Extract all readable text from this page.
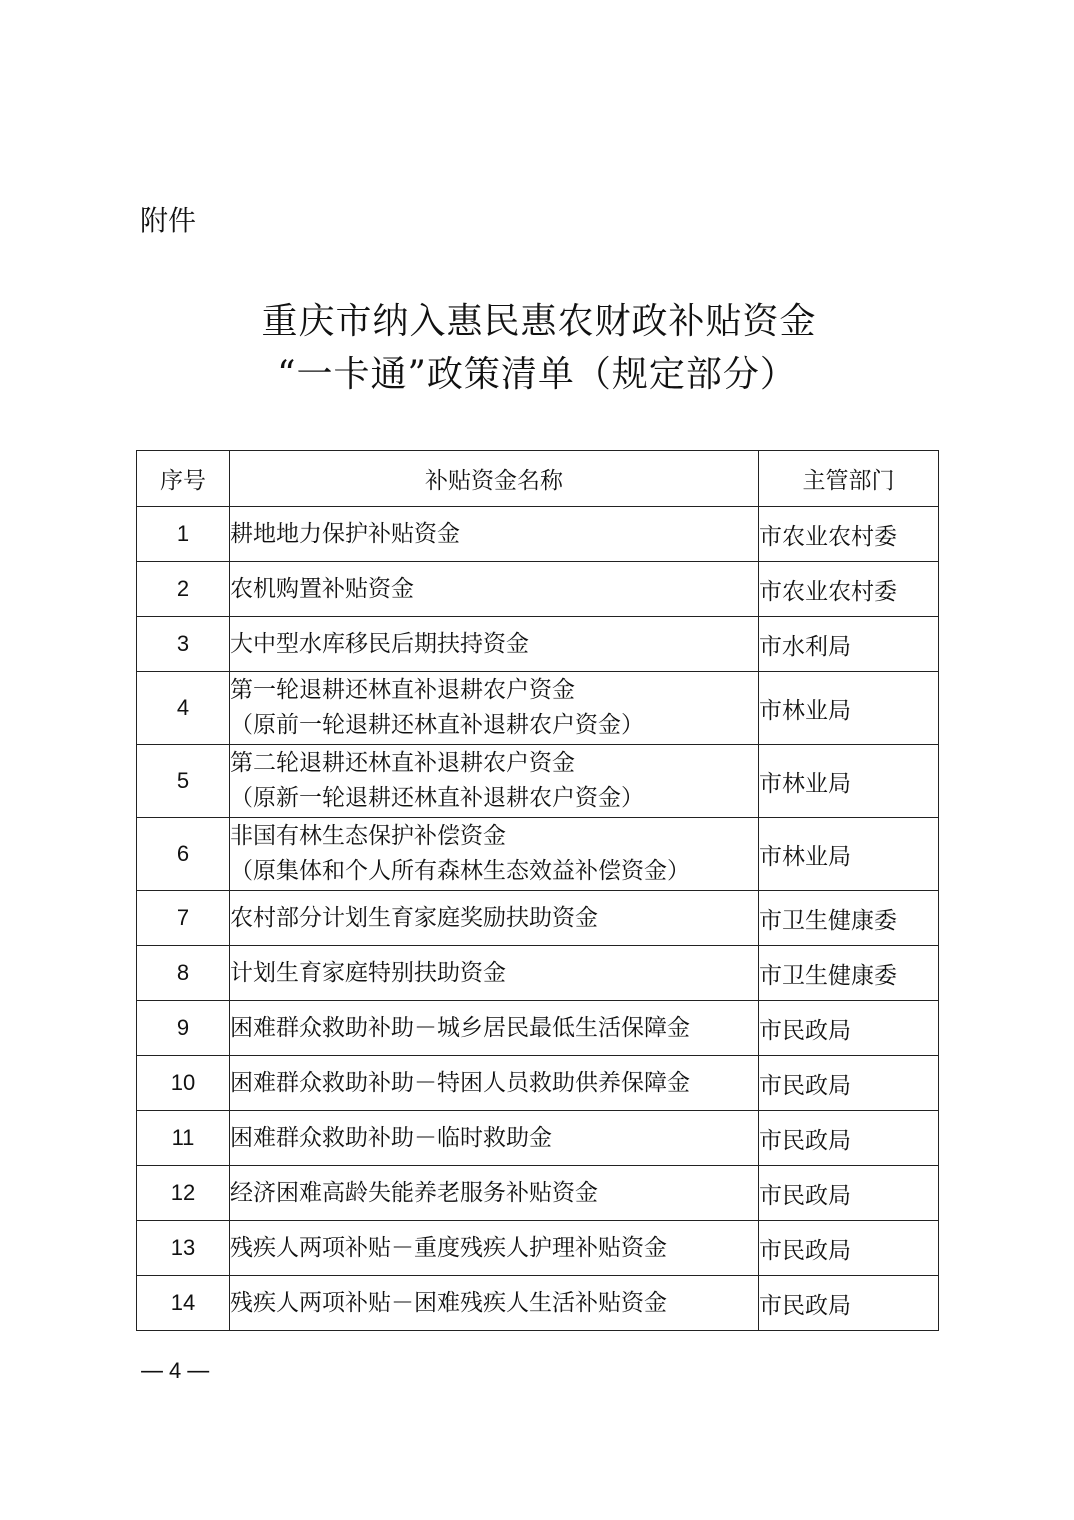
附件
重庆市纳入惠民惠农财政补贴资金
“一卡通”政策清单（规定部分）
序号	补贴资金名称	主管部门
1	耕地地力保护补贴资金	市农业农村委
2	农机购置补贴资金	市农业农村委
3	大中型水库移民后期扶持资金	市水利局
4	第一轮退耕还林直补退耕农户资金
（原前一轮退耕还林直补退耕农户资金）	市林业局
5	第二轮退耕还林直补退耕农户资金
（原新一轮退耕还林直补退耕农户资金）	市林业局
6	非国有林生态保护补偿资金
（原集体和个人所有森林生态效益补偿资金）	市林业局
7	农村部分计划生育家庭奖励扶助资金	市卫生健康委
8	计划生育家庭特别扶助资金	市卫生健康委
9	困难群众救助补助－城乡居民最低生活保障金	市民政局
10	困难群众救助补助－特困人员救助供养保障金	市民政局
11	困难群众救助补助－临时救助金	市民政局
12	经济困难高龄失能养老服务补贴资金	市民政局
13	残疾人两项补贴－重度残疾人护理补贴资金	市民政局
14	残疾人两项补贴－困难残疾人生活补贴资金	市民政局
— 4 —
